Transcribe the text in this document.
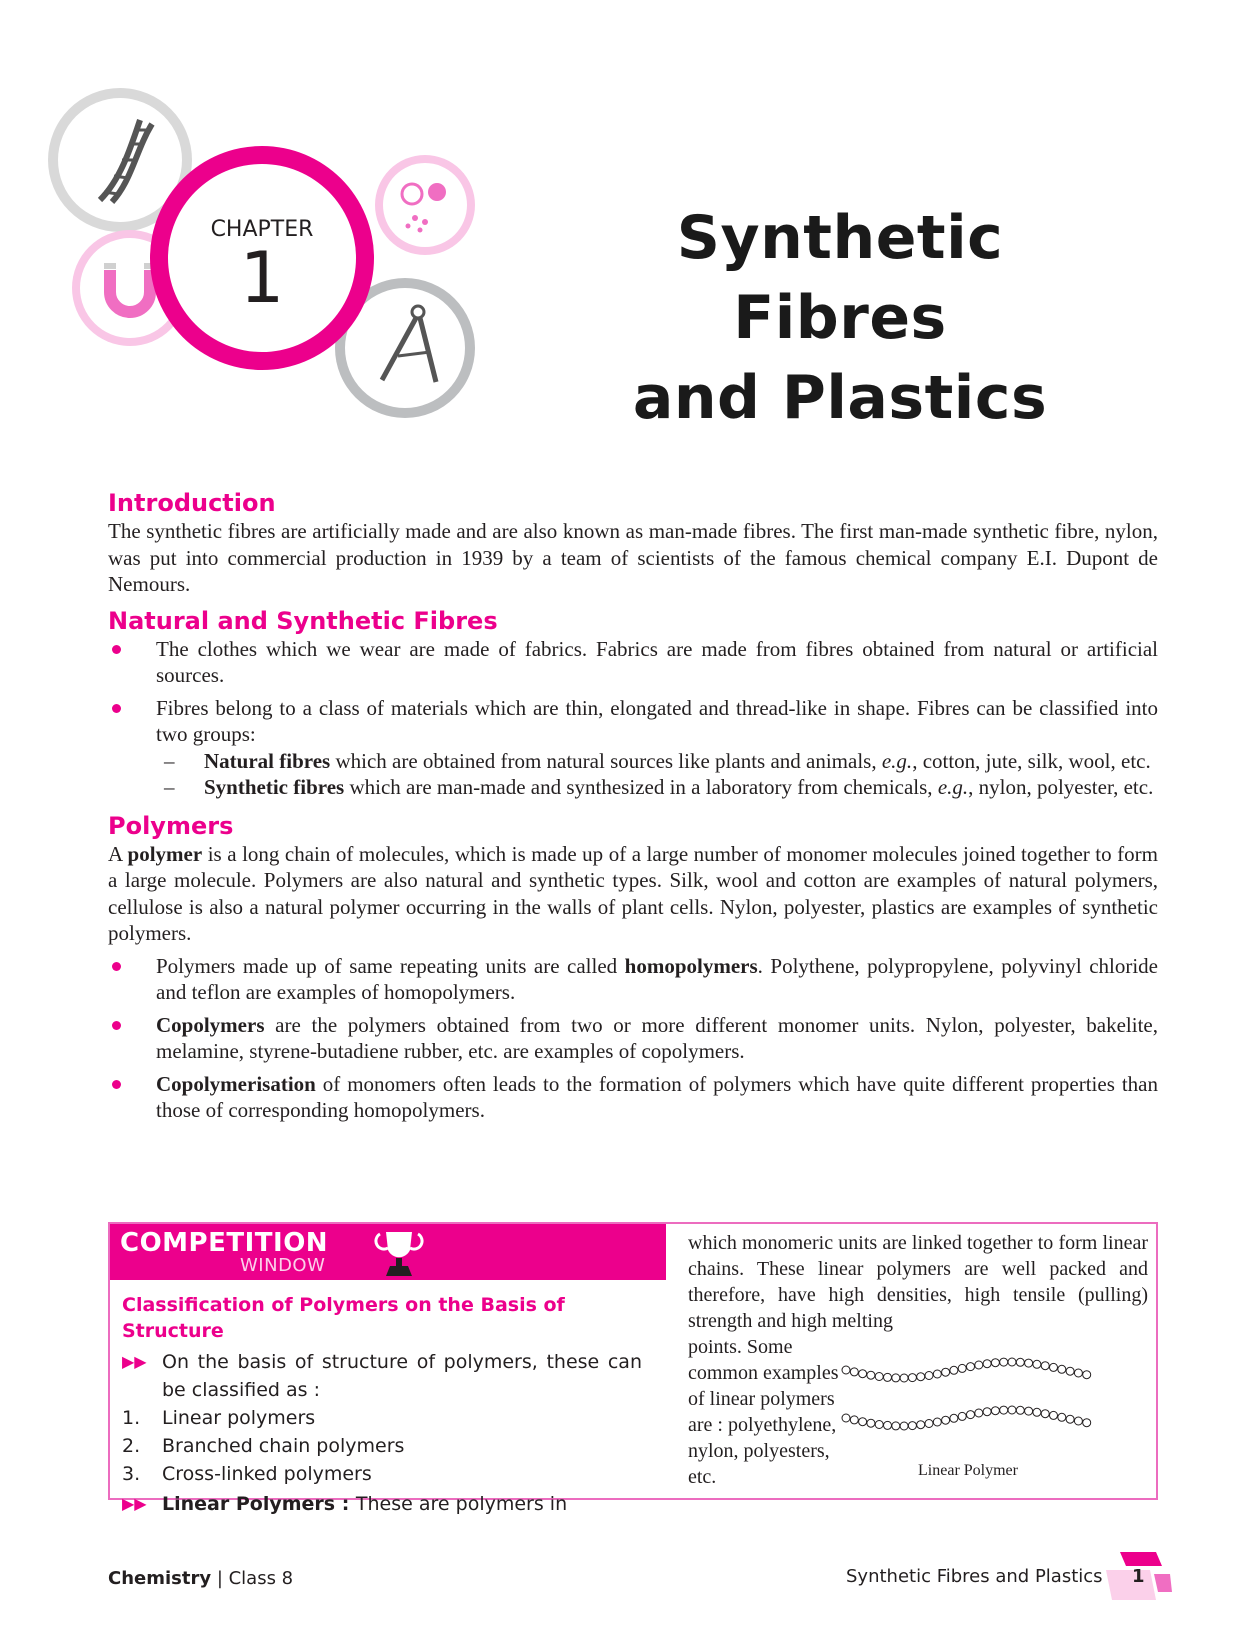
CHAPTER
1	Synthetic Fibres
and Plastics
Introduction

The synthetic fibres are artificially made and are also known as man-made fibres. The first man-made synthetic fibre, nylon, was put into commercial production in 1939 by a team of scientists of the famous chemical company E.I. Dupont de Nemours.

Natural and Synthetic Fibres
The clothes which we wear are made of fabrics. Fabrics are made from fibres obtained from natural or artificial sources.
Fibres belong to a class of materials which are thin, elongated and thread-like in shape. Fibres can be classified into two groups:
– Natural fibres which are obtained from natural sources like plants and animals, e.g., cotton, jute, silk, wool, etc.
– Synthetic fibres which are man-made and synthesized in a laboratory from chemicals, e.g., nylon, polyester, etc.
Polymers

A polymer is a long chain of molecules, which is made up of a large number of monomer molecules joined together to form a large molecule. Polymers are also natural and synthetic types. Silk, wool and cotton are examples of natural polymers, cellulose is also a natural polymer occurring in the walls of plant cells. Nylon, polyester, plastics are examples of synthetic polymers.

Polymers made up of same repeating units are called homopolymers. Polythene, polypropylene, polyvinyl chloride and teflon are examples of homopolymers.
Copolymers are the polymers obtained from two or more different monomer units. Nylon, polyester, bakelite, melamine, styrene-butadiene rubber, etc. are examples of copolymers.
Copolymerisation of monomers often leads to the formation of polymers which have quite different properties than those of corresponding homopolymers.
COMPETITION
WINDOW
Classification of Polymers on the Basis of Structure
▶▶ On the basis of structure of polymers, these can be classified as :
1.	Linear polymers
2.	Branched chain polymers
3.	Cross-linked polymers
▶▶ Linear Polymers : These are polymers in
which monomeric units are linked together to form linear chains. These linear polymers are well packed and therefore, have high densities, high tensile (pulling) strength and high melting
points. Some common examples of linear polymers are : polyethylene, nylon, polyesters, etc.	Linear Polymer
Chemistry | Class 8	Synthetic Fibres and Plastics 1
